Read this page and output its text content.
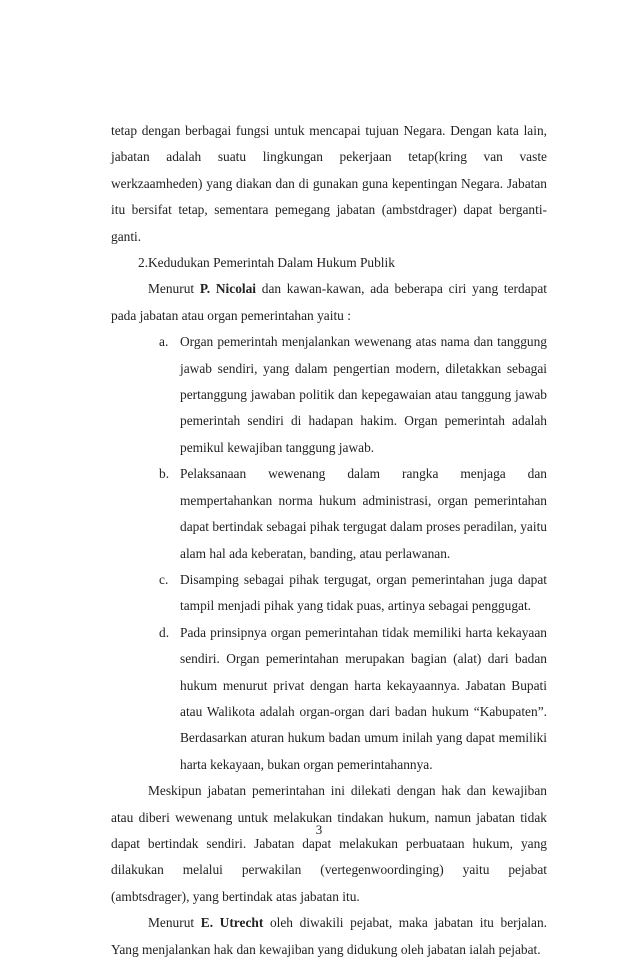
tetap dengan berbagai fungsi untuk mencapai tujuan Negara. Dengan kata lain, jabatan adalah suatu lingkungan pekerjaan tetap(kring van vaste werkzaamheden) yang diakan dan di gunakan guna kepentingan Negara. Jabatan itu bersifat tetap, sementara pemegang jabatan (ambstdrager) dapat berganti-ganti.

2. Kedudukan Pemerintah Dalam Hukum Publik

Menurut P. Nicolai dan kawan-kawan, ada beberapa ciri yang terdapat pada jabatan atau organ pemerintahan yaitu :

a. Organ pemerintah menjalankan wewenang atas nama dan tanggung jawab sendiri, yang dalam pengertian modern, diletakkan sebagai pertanggung jawaban politik dan kepegawaian atau tanggung jawab pemerintah sendiri di hadapan hakim. Organ pemerintah adalah pemikul kewajiban tanggung jawab.
b. Pelaksanaan wewenang dalam rangka menjaga dan mempertahankan norma hukum administrasi, organ pemerintahan dapat bertindak sebagai pihak tergugat dalam proses peradilan, yaitu alam hal ada keberatan, banding, atau perlawanan.
c. Disamping sebagai pihak tergugat, organ pemerintahan juga dapat tampil menjadi pihak yang tidak puas, artinya sebagai penggugat.
d. Pada prinsipnya organ pemerintahan tidak memiliki harta kekayaan sendiri. Organ pemerintahan merupakan bagian (alat) dari badan hukum menurut privat dengan harta kekayaannya. Jabatan Bupati atau Walikota adalah organ-organ dari badan hukum “Kabupaten”. Berdasarkan aturan hukum badan umum inilah yang dapat memiliki harta kekayaan, bukan organ pemerintahannya.

Meskipun jabatan pemerintahan ini dilekati dengan hak dan kewajiban atau diberi wewenang untuk melakukan tindakan hukum, namun jabatan tidak dapat bertindak sendiri. Jabatan dapat melakukan perbuataan hukum, yang dilakukan melalui perwakilan (vertegenwoordinging) yaitu pejabat (ambtsdrager), yang bertindak atas jabatan itu.

Menurut E. Utrecht oleh diwakili pejabat, maka jabatan itu berjalan. Yang menjalankan hak dan kewajiban yang didukung oleh jabatan ialah pejabat.

3
